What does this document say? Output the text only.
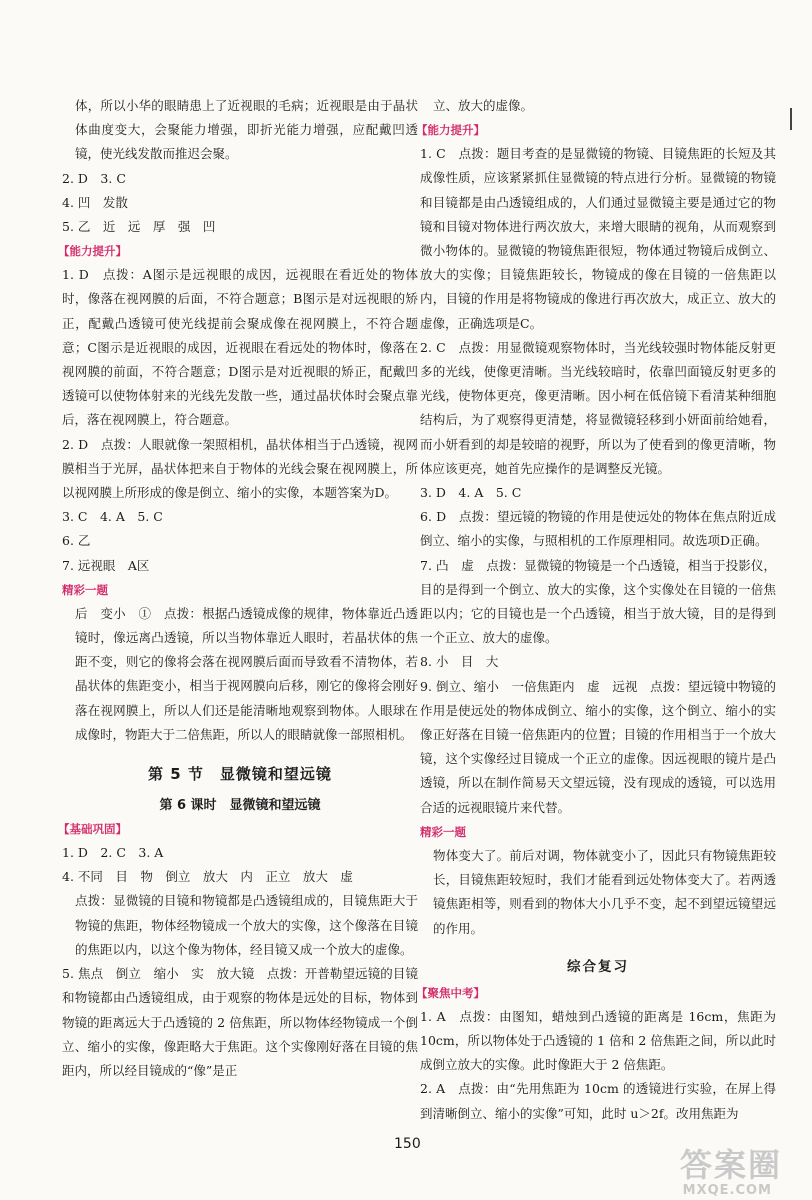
体，所以小华的眼睛患上了近视眼的毛病；近视眼是由于晶状体曲度变大，会聚能力增强，即折光能力增强，应配戴凹透镜，使光线发散而推迟会聚。

2. D　3. C

4. 凹　发散

5. 乙　近　远　厚　强　凹

【能力提升】

1. D　点拨：A图示是远视眼的成因，远视眼在看近处的物体时，像落在视网膜的后面，不符合题意；B图示是对远视眼的矫正，配戴凸透镜可使光线提前会聚成像在视网膜上，不符合题意；C图示是近视眼的成因，近视眼在看远处的物体时，像落在视网膜的前面，不符合题意；D图示是对近视眼的矫正，配戴凹透镜可以使物体射来的光线先发散一些，通过晶状体时会聚点靠后，落在视网膜上，符合题意。

2. D　点拨：人眼就像一架照相机，晶状体相当于凸透镜，视网膜相当于光屏，晶状体把来自于物体的光线会聚在视网膜上，所以视网膜上所形成的像是倒立、缩小的实像，本题答案为D。

3. C　4. A　5. C

6. 乙

7. 远视眼　A区

精彩一题

后　变小　①　点拨：根据凸透镜成像的规律，物体靠近凸透镜时，像远离凸透镜，所以当物体靠近人眼时，若晶状体的焦距不变，则它的像将会落在视网膜后面而导致看不清物体，若晶状体的焦距变小，相当于视网膜向后移，刚它的像将会刚好落在视网膜上，所以人们还是能清晰地观察到物体。人眼球在成像时，物距大于二倍焦距，所以人的眼睛就像一部照相机。

第 5 节　显微镜和望远镜
第 6 课时　显微镜和望远镜
【基础巩固】

1. D　2. C　3. A

4. 不同　目　物　倒立　放大　内　正立　放大　虚

点拨：显微镜的目镜和物镜都是凸透镜组成的，目镜焦距大于物镜的焦距，物体经物镜成一个放大的实像，这个像落在目镜的焦距以内，以这个像为物体，经目镜又成一个放大的虚像。

5. 焦点　倒立　缩小　实　放大镜　点拨：开普勒望远镜的目镜和物镜都由凸透镜组成，由于观察的物体是远处的目标，物体到物镜的距离远大于凸透镜的 2 倍焦距，所以物体经物镜成一个倒立、缩小的实像，像距略大于焦距。这个实像刚好落在目镜的焦距内，所以经目镜成的“像”是正

立、放大的虚像。

【能力提升】

1. C　点拨：题目考查的是显微镜的物镜、目镜焦距的长短及其成像性质，应该紧紧抓住显微镜的特点进行分析。显微镜的物镜和目镜都是由凸透镜组成的，人们通过显微镜主要是通过它的物镜和目镜对物体进行两次放大，来增大眼睛的视角，从而观察到微小物体的。显微镜的物镜焦距很短，物体通过物镜后成倒立、放大的实像；目镜焦距较长，物镜成的像在目镜的一倍焦距以内，目镜的作用是将物镜成的像进行再次放大，成正立、放大的虚像，正确选项是C。

2. C　点拨：用显微镜观察物体时，当光线较强时物体能反射更多的光线，使像更清晰。当光线较暗时，依靠凹面镜反射更多的光线，使物体更亮，像更清晰。因小柯在低倍镜下看清某种细胞结构后，为了观察得更清楚，将显微镜轻移到小妍面前给她看，而小妍看到的却是较暗的视野，所以为了使看到的像更清晰，物体应该更亮，她首先应操作的是调整反光镜。

3. D　4. A　5. C

6. D　点拨：望远镜的物镜的作用是使远处的物体在焦点附近成倒立、缩小的实像，与照相机的工作原理相同。故选项D正确。

7. 凸　虚　点拨：显微镜的物镜是一个凸透镜，相当于投影仪，目的是得到一个倒立、放大的实像，这个实像处在目镜的一倍焦距以内；它的目镜也是一个凸透镜，相当于放大镜，目的是得到一个正立、放大的虚像。

8. 小　目　大

9. 倒立、缩小　一倍焦距内　虚　远视　点拨：望远镜中物镜的作用是使远处的物体成倒立、缩小的实像，这个倒立、缩小的实像正好落在目镜一倍焦距内的位置；目镜的作用相当于一个放大镜，这个实像经过目镜成一个正立的虚像。因远视眼的镜片是凸透镜，所以在制作简易天文望远镜，没有现成的透镜，可以选用合适的远视眼镜片来代替。

精彩一题

物体变大了。前后对调，物体就变小了，因此只有物镜焦距较长，目镜焦距较短时，我们才能看到远处物体变大了。若两透镜焦距相等，则看到的物体大小几乎不变，起不到望远镜望远的作用。

综合复习
【聚焦中考】

1. A　点拨：由图知，蜡烛到凸透镜的距离是 16cm，焦距为 10cm，所以物体处于凸透镜的 1 倍和 2 倍焦距之间，所以此时成倒立放大的实像。此时像距大于 2 倍焦距。

2. A　点拨：由“先用焦距为 10cm 的透镜进行实验，在屏上得到清晰倒立、缩小的实像”可知，此时 u＞2f。改用焦距为

150
答案圈
MXQE.COM
